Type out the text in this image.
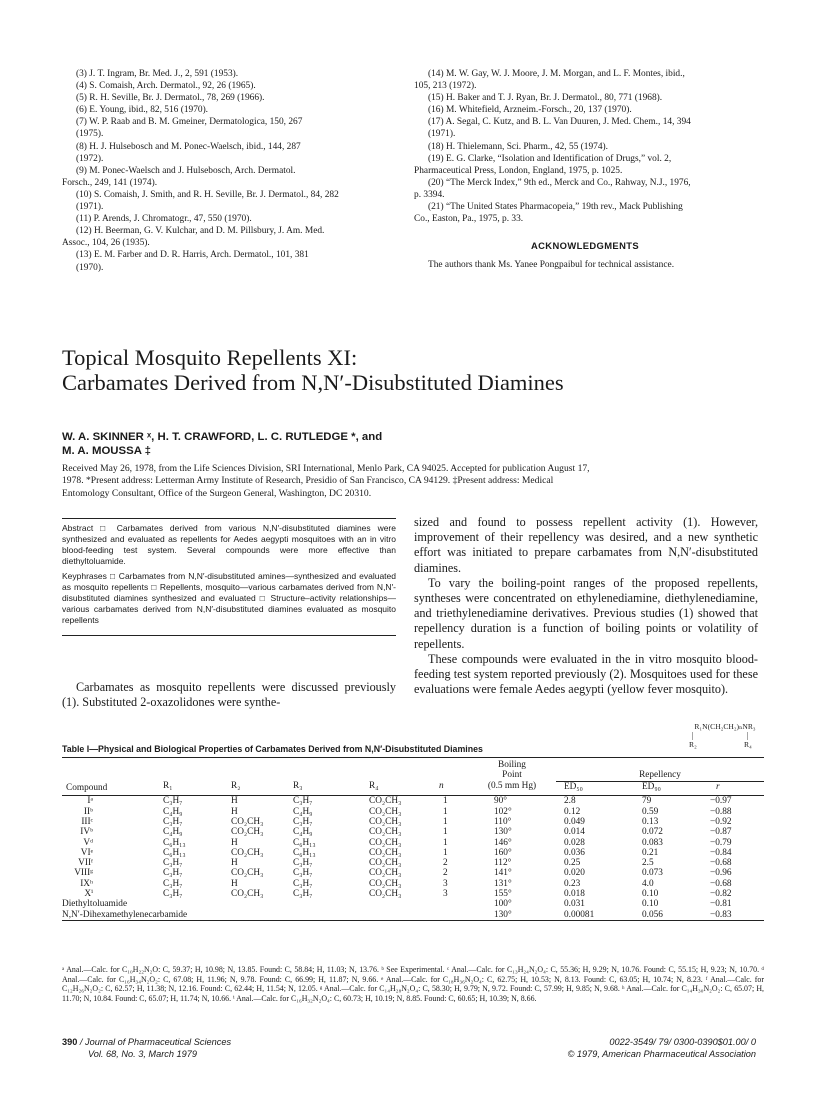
(3) J. T. Ingram, Br. Med. J., 2, 591 (1953).

(4) S. Comaish, Arch. Dermatol., 92, 26 (1965).

(5) R. H. Seville, Br. J. Dermatol., 78, 269 (1966).

(6) E. Young, ibid., 82, 516 (1970).

(7) W. P. Raab and B. M. Gmeiner, Dermatologica, 150, 267

(1975).

(8) H. J. Hulsebosch and M. Ponec-Waelsch, ibid., 144, 287

(1972).

(9) M. Ponec-Waelsch and J. Hulsebosch, Arch. Dermatol.

Forsch., 249, 141 (1974).

(10) S. Comaish, J. Smith, and R. H. Seville, Br. J. Dermatol., 84, 282

(1971).

(11) P. Arends, J. Chromatogr., 47, 550 (1970).

(12) H. Beerman, G. V. Kulchar, and D. M. Pillsbury, J. Am. Med.

Assoc., 104, 26 (1935).

(13) E. M. Farber and D. R. Harris, Arch. Dermatol., 101, 381

(1970).

(14) M. W. Gay, W. J. Moore, J. M. Morgan, and L. F. Montes, ibid.,

105, 213 (1972).

(15) H. Baker and T. J. Ryan, Br. J. Dermatol., 80, 771 (1968).

(16) M. Whitefield, Arzneim.-Forsch., 20, 137 (1970).

(17) A. Segal, C. Kutz, and B. L. Van Duuren, J. Med. Chem., 14, 394

(1971).

(18) H. Thielemann, Sci. Pharm., 42, 55 (1974).

(19) E. G. Clarke, “Isolation and Identification of Drugs,” vol. 2,

Pharmaceutical Press, London, England, 1975, p. 1025.

(20) “The Merck Index,” 9th ed., Merck and Co., Rahway, N.J., 1976,

p. 3394.

(21) “The United States Pharmacopeia,” 19th rev., Mack Publishing

Co., Easton, Pa., 1975, p. 33.

ACKNOWLEDGMENTS
The authors thank Ms. Yanee Pongpaibul for technical assistance.
Topical Mosquito Repellents XI:
Carbamates Derived from N,N′-Disubstituted Diamines
W. A. SKINNER ˣ, H. T. CRAWFORD, L. C. RUTLEDGE *, and
M. A. MOUSSA ‡
Received May 26, 1978, from the Life Sciences Division, SRI International, Menlo Park, CA 94025. Accepted for publication August 17,
1978. *Present address: Letterman Army Institute of Research, Presidio of San Francisco, CA 94129. ‡Present address: Medical
Entomology Consultant, Office of the Surgeon General, Washington, DC 20310.

Abstract □ Carbamates derived from various N,N′-disubstituted diamines were synthesized and evaluated as repellents for Aedes aegypti mosquitoes with an in vitro blood-feeding test system. Several compounds were more effective than diethyltoluamide.

Keyphrases □ Carbamates from N,N′-disubstituted amines—synthesized and evaluated as mosquito repellents □ Repellents, mosquito—various carbamates derived from N,N′-disubstituted diamines synthesized and evaluated □ Structure–activity relationships—various carbamates derived from N,N′-disubstituted diamines evaluated as mosquito repellents

Carbamates as mosquito repellents were discussed previously (1). Substituted 2-oxazolidones were synthe-

sized and found to possess repellent activity (1). However, improvement of their repellency was desired, and a new synthetic effort was initiated to prepare carbamates from N,N′-disubstituted diamines.

To vary the boiling-point ranges of the proposed repellents, syntheses were concentrated on ethylenediamine, diethylenediamine, and triethylenediamine derivatives. Previous studies (1) showed that repellency duration is a function of boiling points or volatility of repellents.

These compounds were evaluated in the in vitro mosquito blood-feeding test system reported previously (2). Mosquitoes used for these evaluations were female Aedes aegypti (yellow fever mosquito).

R₁N(CH₂CH₂)ₙNR₃
|	|
R₂	R₄
Table I—Physical and Biological Properties of Carbamates Derived from N,N′-Disubstituted Diamines
						Boiling			
						Point	Repellency		
Compound	R₁	R₂	R₃	R₄	n	(0.5 mm Hg)	ED₅₀	ED₉₀	r
Iᵃ	C₃H₇	H	C₃H₇	CO₂CH₃	1	90°	2.8	79	−0.97
IIᵇ	C₄H₉	H	C₄H₉	CO₂CH₃	1	102°	0.12	0.59	−0.88
IIIᶜ	C₃H₇	CO₂CH₃	C₃H₇	CO₂CH₃	1	110°	0.049	0.13	−0.92
IVᵇ	C₄H₉	CO₂CH₃	C₄H₉	CO₂CH₃	1	130°	0.014	0.072	−0.87
Vᵈ	C₆H₁₃	H	C₆H₁₃	CO₂CH₃	1	146°	0.028	0.083	−0.79
VIᵉ	C₆H₁₃	CO₂CH₃	C₆H₁₃	CO₂CH₃	1	160°	0.036	0.21	−0.84
VIIᶠ	C₃H₇	H	C₃H₇	CO₂CH₃	2	112°	0.25	2.5	−0.68
VIIIᵍ	C₃H₇	CO₂CH₃	C₃H₇	CO₂CH₃	2	141°	0.020	0.073	−0.96
IXʰ	C₃H₇	H	C₃H₇	CO₂CH₃	3	131°	0.23	4.0	−0.68
Xⁱ	C₃H₇	CO₂CH₃	C₃H₇	CO₂CH₃	3	155°	0.018	0.10	−0.82
Diethyltoluamide						100°	0.031	0.10	−0.81
N,N′-Dihexamethylenecarbamide						130°	0.00081	0.056	−0.83
ᵃ Anal.—Calc. for C₁₀H₂₂N₂O: C, 59.37; H, 10.98; N, 13.85. Found: C, 58.84; H, 11.03; N, 13.76. ᵇ See Experimental. ᶜ Anal.—Calc. for C₁₃H₂₄N₂O₄: C, 55.36; H, 9.29; N, 10.76. Found: C, 55.15; H, 9.23; N, 10.70. ᵈ Anal.—Calc. for C₁₆H₃₄N₂O₂: C, 67.08; H, 11.96; N, 9.78. Found: C, 66.99; H, 11.87; N, 9.66. ᵉ Anal.—Calc. for C₁₈H₃₆N₂O₄: C, 62.75; H, 10.53; N, 8.13. Found: C, 63.05; H, 10.74; N, 8.23. ᶠ Anal.—Calc. for C₁₂H₂₆N₂O₂: C, 62.57; H, 11.38; N, 12.16. Found: C, 62.44; H, 11.54; N, 12.05. ᵍ Anal.—Calc. for C₁₄H₂₈N₂O₄: C, 58.30; H, 9.79; N, 9.72. Found: C, 57.99; H, 9.85; N, 9.68. ʰ Anal.—Calc. for C₁₄H₃₀N₂O₂: C, 65.07; H, 11.70; N, 10.84. Found: C, 65.07; H, 11.74; N, 10.66. ⁱ Anal.—Calc. for C₁₆H₃₂N₂O₄: C, 60.73; H, 10.19; N, 8.85. Found: C, 60.65; H, 10.39; N, 8.66.
390 / Journal of Pharmaceutical Sciences
Vol. 68, No. 3, March 1979
0022-3549/ 79/ 0300-0390$01.00/ 0
© 1979, American Pharmaceutical Association
